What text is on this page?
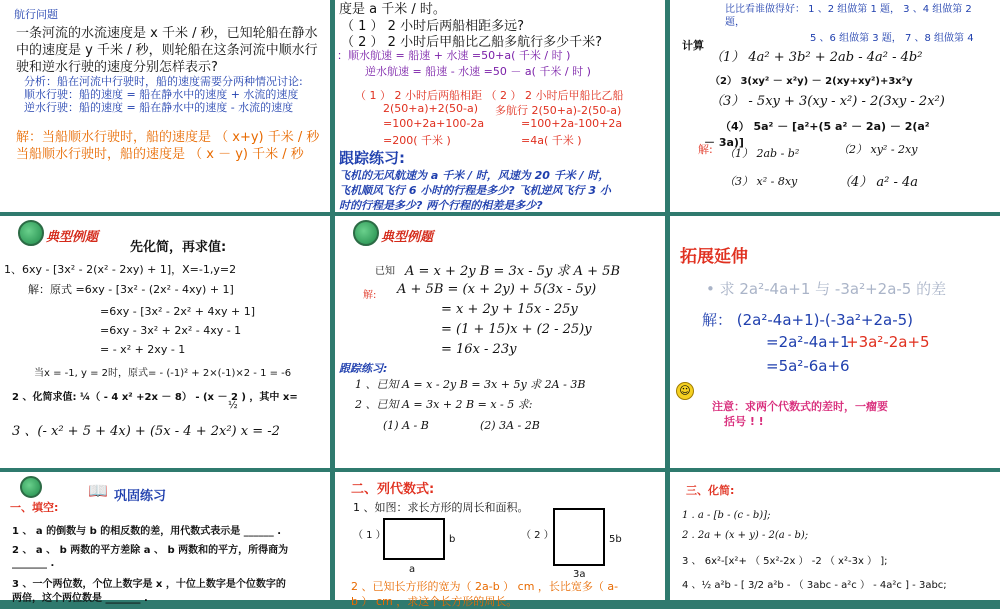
航行问题
一条河流的水流速度是 x 千米 / 秒，已知轮船在静水
中的速度是 y 千米 / 秒，则轮船在这条河流中顺水行
驶和逆水行驶的速度分别怎样表示?
分析：船在河流中行驶时，船的速度需要分两种情况讨论:
顺水行驶：船的速度 = 船在静水中的速度 + 水流的速度
逆水行驶：船的速度 = 船在静水中的速度 - 水流的速度
解：当船顺水行驶时，船的速度是 （ x+y) 千米 / 秒
当船顺水行驶时，船的速度是 （ x － y) 千米 / 秒
度是 a 千米 / 时。
（ 1 ） 2 小时后两船相距多远?
（ 2 ） 2 小时后甲船比乙船多航行多少千米?
：顺水航速 = 船速 + 水速 =50+a( 千米 / 时 )
逆水航速 = 船速 - 水速 =50 － a( 千米 / 时 )
（ 1 ） 2 小时后两船相距 （ 2 ） 2 小时后甲船比乙船
2(50+a)+2(50-a) 多航行 2(50+a)-2(50-a)
=100+2a+100-2a	=100+2a-100+2a
=200( 千米 )	=4a( 千米 )
跟踪练习:
飞机的无风航速为 a 千米 / 时，风速为 20 千米 / 时，
飞机顺风飞行 6 小时的行程是多少? 飞机逆风飞行 3 小
时的行程是多少? 两个行程的相差是多少?
比比看谁做得好： 1 、2 组做第 1 题， 3 、4 组做第 2
题，
5 、6 组做第 3 题， 7 、8 组做第 4
计算
（1） 4a² + 3b² + 2ab - 4a² - 4b²
（2） 3(xy² － x²y) － 2(xy+xy²)+3x²y
（3） - 5xy + 3(xy - x²) - 2(3xy - 2x²)
（4） 5a² － [a²+(5 a² － 2a) － 2(a²
－ 3a)]
解: （1） 2ab - b²	（2） xy² - 2xy
（3） x² - 8xy	（4） a² - 4a
典型例题
先化简，再求值:
1、6xy - [3x² - 2(x² - 2xy) + 1]，X=-1,y=2
解：原式 =6xy - [3x² - (2x² - 4xy) + 1]
=6xy - [3x² - 2x² + 4xy + 1]
=6xy - 3x² + 2x² - 4xy - 1
= - x² + 2xy - 1
当x = -1, y = 2时，原式= - (-1)² + 2×(-1)×2 - 1 = -6
2 、化简求值: ¼（ - 4 x² +2x － 8） - (x － 2 ) ，其中 x=
½
3 、(- x² + 5 + 4x) + (5x - 4 + 2x²) x = -2
典型例题
已知 A = x + 2y B = 3x - 5y 求 A + 5B
解: A + 5B = (x + 2y) + 5(3x - 5y)
= x + 2y + 15x - 25y
= (1 + 15)x + (2 - 25)y
= 16x - 23y
跟踪练习:
1 、已知 A = x - 2y B = 3x + 5y 求 2A - 3B
2 、已知 A = 3x + 2 B = x - 5 求:
(1) A - B	(2) 3A - 2B
拓展延伸
• 求 2a²-4a+1 与 -3a²+2a-5 的差
解： (2a²-4a+1)-(-3a²+2a-5)
=2a²-4a+1
+3a²-2a+5
=5a²-6a+6
☺
注意：求两个代数式的差时，一瘤要
括号 ! !
📖 巩固练习
一、填空:
1 、 a 的倒数与 b 的相反数的差，用代数式表示是 ______ .
2 、 a 、 b 两数的平方差除 a 、 b 两数和的平方，所得商为
_______ .
3 、一个两位数，个位上数字是 x ，十位上数字是个位数字的
两倍，这个两位数是 _______ .
二、列代数式:
1 、如图：求长方形的周长和面积。
（ 1 ）	b
a
（ 2 ）	5b
3a
2 、已知长方形的宽为（ 2a-b ） cm ，长比宽多（ a-
b ） cm ，求这个长方形的周长。
三、化简:
1 . a - [b - (c - b)];
2 . 2a + (x + y) - 2(a - b);
3 、 6x²-[x²+ （ 5x²-2x ） -2 （ x²-3x ） ];
4 、½ a²b - [ 3/2 a²b - （ 3abc - a²c ） - 4a²c ] - 3abc;
